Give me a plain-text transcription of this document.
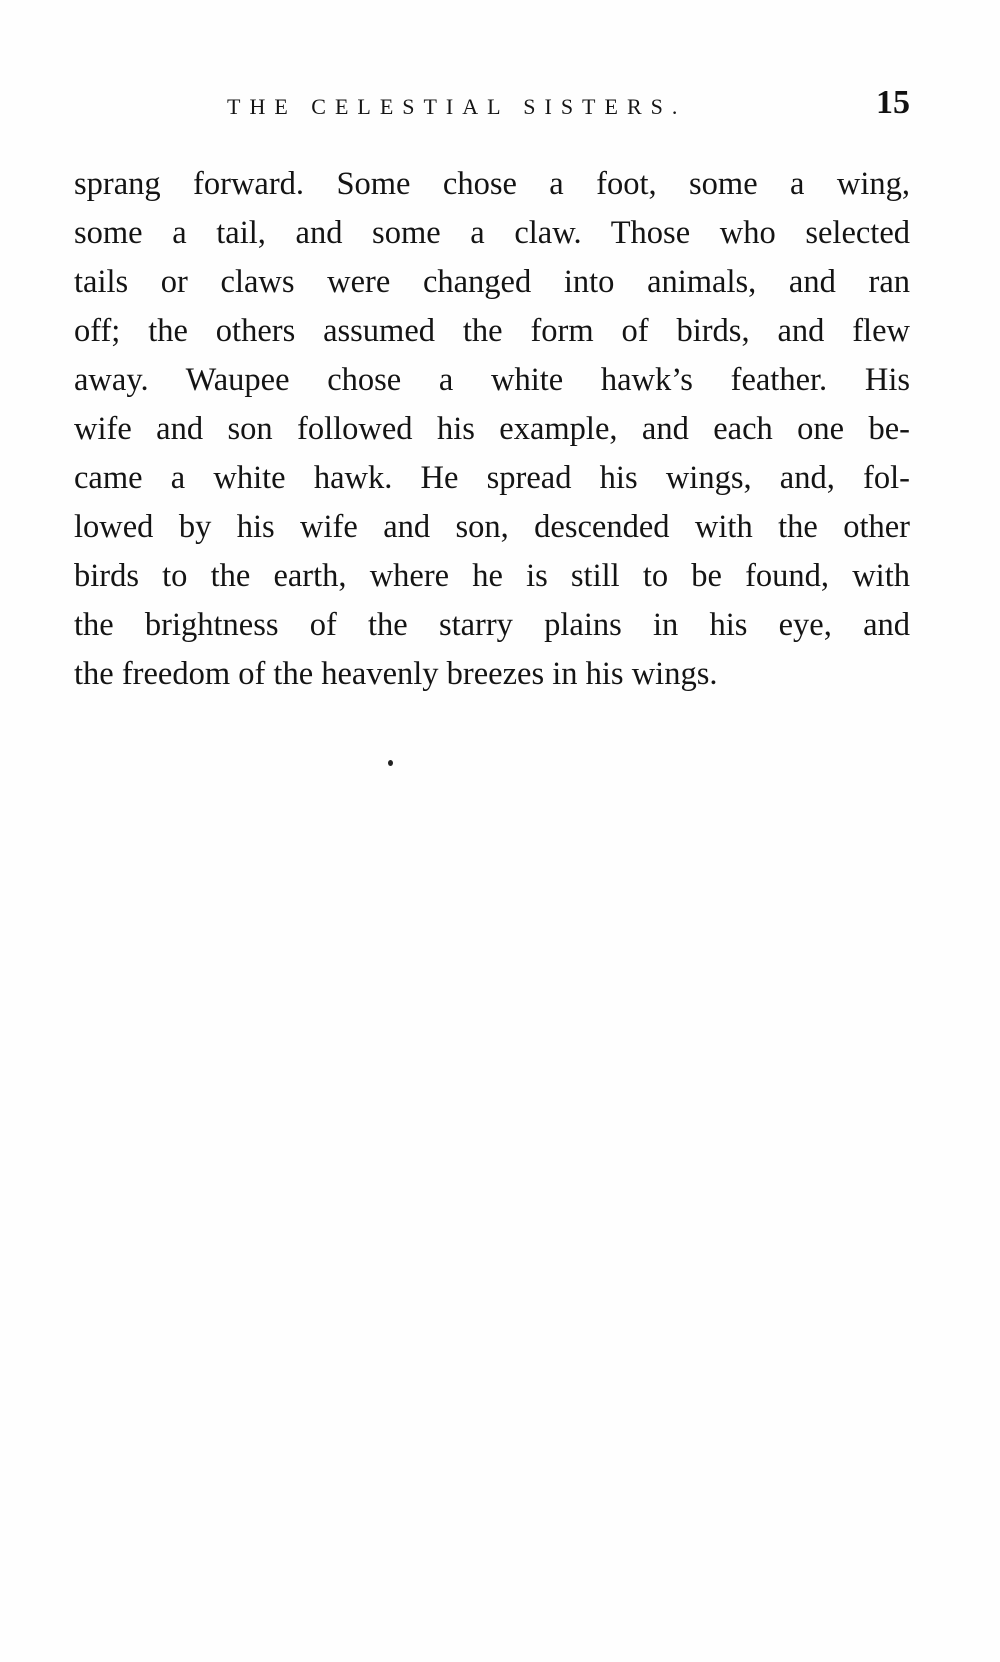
THE CELESTIAL SISTERS.	15
sprang forward. Some chose a foot, some a wing,
some a tail, and some a claw. Those who selected
tails or claws were changed into animals, and ran
off; the others assumed the form of birds, and flew
away. Waupee chose a white hawk’s feather. His
wife and son followed his example, and each one be-
came a white hawk. He spread his wings, and, fol-
lowed by his wife and son, descended with the other
birds to the earth, where he is still to be found, with
the brightness of the starry plains in his eye, and
the freedom of the heavenly breezes in his wings.
